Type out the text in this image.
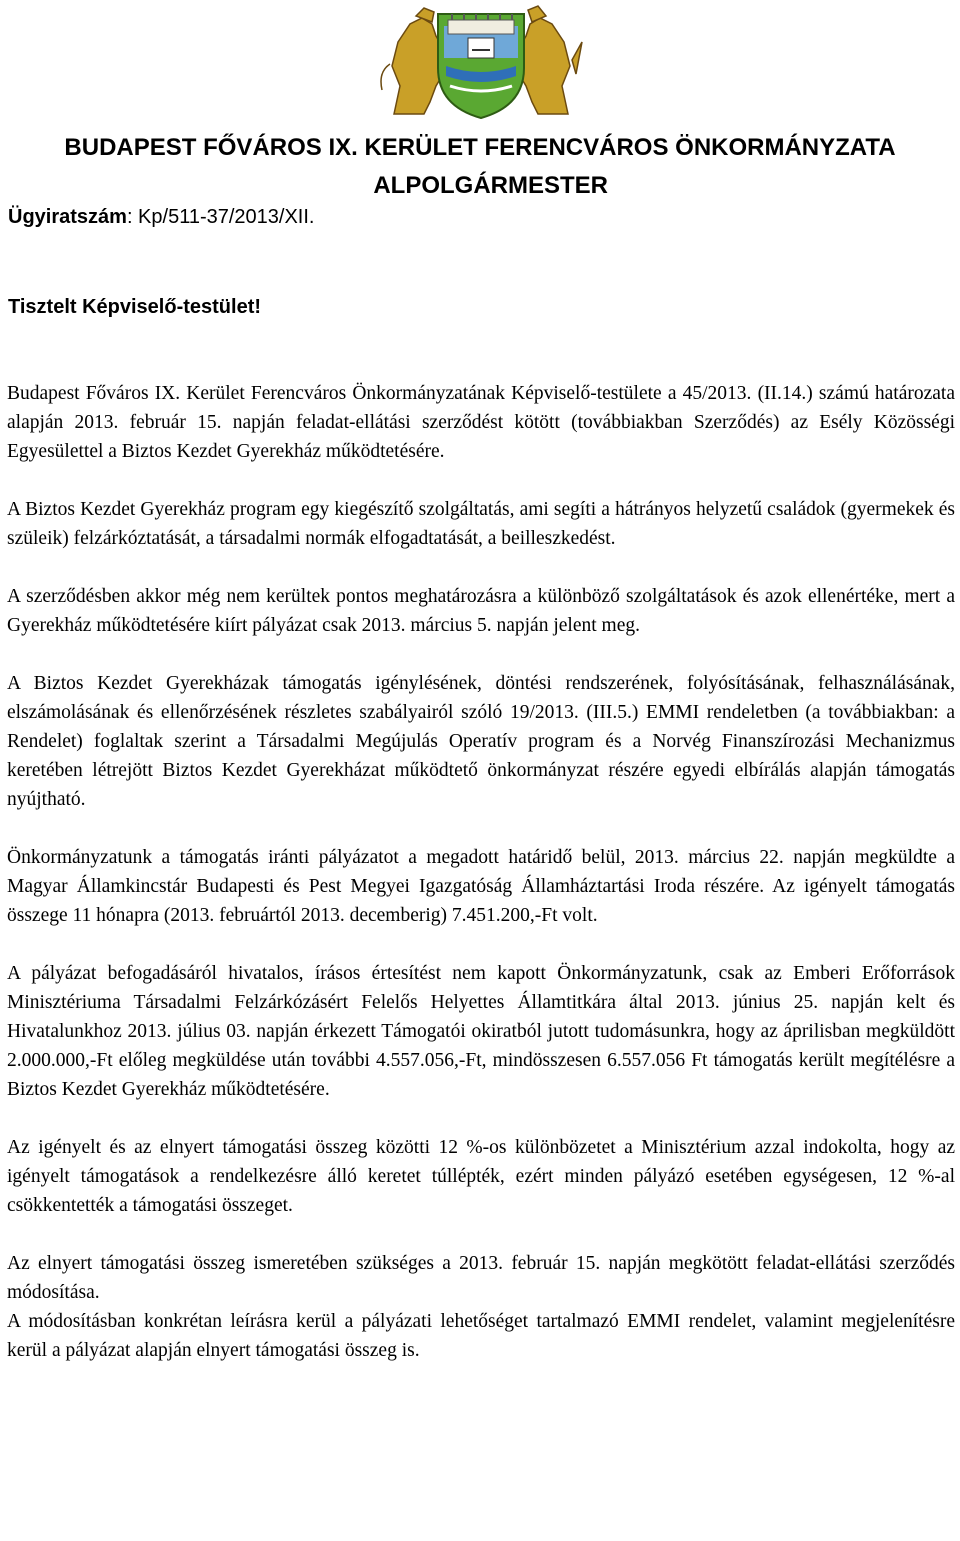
BUDAPEST FŐVÁROS IX. KERÜLET FERENCVÁROS ÖNKORMÁNYZATA
ALPOLGÁRMESTER
Ügyiratszám: Kp/511-37/2013/XII.
Tisztelt Képviselő-testület!

Budapest Főváros IX. Kerület Ferencváros Önkormányzatának Képviselő-testülete a 45/2013. (II.14.) számú határozata alapján 2013. február 15. napján feladat-ellátási szerződést kötött (továbbiakban Szerződés) az Esély Közösségi Egyesülettel a Biztos Kezdet Gyerekház működtetésére.

A Biztos Kezdet Gyerekház program egy kiegészítő szolgáltatás, ami segíti a hátrányos helyzetű családok (gyermekek és szüleik) felzárkóztatását, a társadalmi normák elfogadtatását, a beilleszkedést.

A szerződésben akkor még nem kerültek pontos meghatározásra a különböző szolgáltatások és azok ellenértéke, mert a Gyerekház működtetésére kiírt pályázat csak 2013. március 5. napján jelent meg.

A Biztos Kezdet Gyerekházak támogatás igénylésének, döntési rendszerének, folyósításának, felhasználásának, elszámolásának és ellenőrzésének részletes szabályairól szóló 19/2013. (III.5.) EMMI rendeletben (a továbbiakban: a Rendelet) foglaltak szerint a Társadalmi Megújulás Operatív program és a Norvég Finanszírozási Mechanizmus keretében létrejött Biztos Kezdet Gyerekházat működtető önkormányzat részére egyedi elbírálás alapján támogatás nyújtható.

Önkormányzatunk a támogatás iránti pályázatot a megadott határidő belül, 2013. március 22. napján megküldte a Magyar Államkincstár Budapesti és Pest Megyei Igazgatóság Államháztartási Iroda részére. Az igényelt támogatás összege 11 hónapra (2013. februártól 2013. decemberig) 7.451.200,-Ft volt.

A pályázat befogadásáról hivatalos, írásos értesítést nem kapott Önkormányzatunk, csak az Emberi Erőforrások Minisztériuma Társadalmi Felzárkózásért Felelős Helyettes Államtitkára által 2013. június 25. napján kelt és Hivatalunkhoz 2013. július 03. napján érkezett Támogatói okiratból jutott tudomásunkra, hogy az áprilisban megküldött 2.000.000,-Ft előleg megküldése után további 4.557.056,-Ft, mindösszesen 6.557.056 Ft támogatás került megítélésre a Biztos Kezdet Gyerekház működtetésére.

Az igényelt és az elnyert támogatási összeg közötti 12 %-os különbözetet a Minisztérium azzal indokolta, hogy az igényelt támogatások a rendelkezésre álló keretet túllépték, ezért minden pályázó esetében egységesen, 12 %-al csökkentették a támogatási összeget.

Az elnyert támogatási összeg ismeretében szükséges a 2013. február 15. napján megkötött feladat-ellátási szerződés módosítása.

A módosításban konkrétan leírásra kerül a pályázati lehetőséget tartalmazó EMMI rendelet, valamint megjelenítésre kerül a pályázat alapján elnyert támogatási összeg is.
